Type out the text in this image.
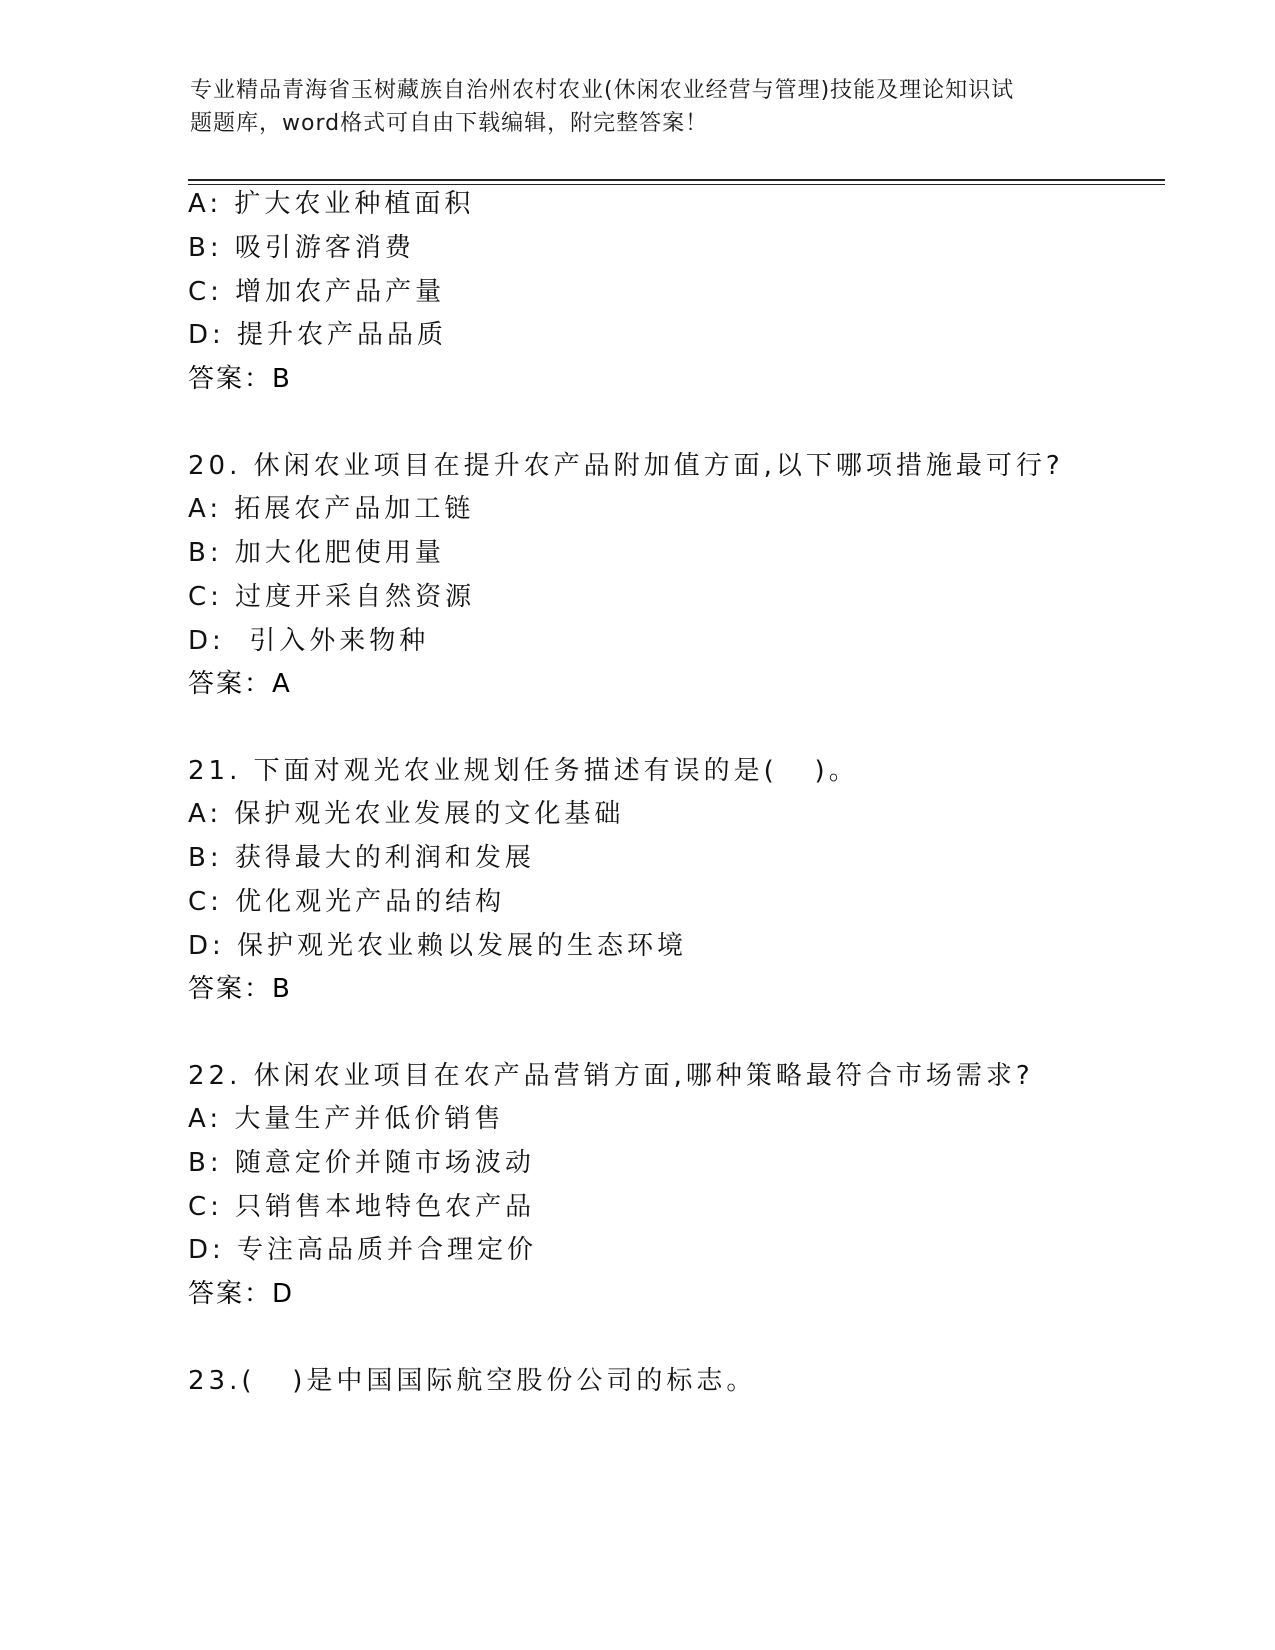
专业精品青海省玉树藏族自治州农村农业(休闲农业经营与管理)技能及理论知识试
题题库，word格式可自由下载编辑，附完整答案！
A: 扩大农业种植面积
B: 吸引游客消费
C: 增加农产品产量
D: 提升农产品品质
答案：B
20. 休闲农业项目在提升农产品附加值方面,以下哪项措施最可行?
A: 拓展农产品加工链
B: 加大化肥使用量
C: 过度开采自然资源
D:  引入外来物种
答案：A
21. 下面对观光农业规划任务描述有误的是(   )。
A: 保护观光农业发展的文化基础
B: 获得最大的利润和发展
C: 优化观光产品的结构
D: 保护观光农业赖以发展的生态环境
答案：B
22. 休闲农业项目在农产品营销方面,哪种策略最符合市场需求?
A: 大量生产并低价销售
B: 随意定价并随市场波动
C: 只销售本地特色农产品
D: 专注高品质并合理定价
答案：D
23.(   )是中国国际航空股份公司的标志。
